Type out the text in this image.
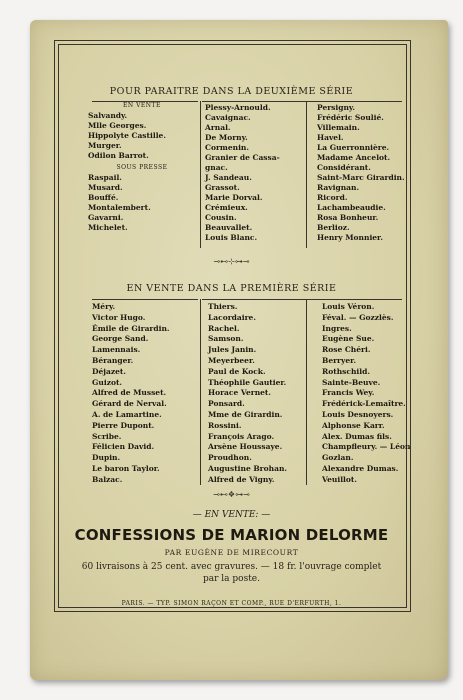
POUR PARAITRE DANS LA DEUXIÈME SÉRIE
EN VENTE
Salvandy.
Mlle Georges.
Hippolyte Castille.
Murger.
Odilon Barrot.
SOUS PRESSE
Raspail.
Musard.
Bouffé.
Montalembert.
Gavarni.
Michelet.
Plessy-Arnould.
Cavaignac.
Arnal.
De Morny.
Cormenin.
Granier de Cassa-
gnac.
J. Sandeau.
Grassot.
Marie Dorval.
Crémieux.
Cousin.
Beauvallet.
Louis Blanc.
Persigny.
Frédéric Soulié.
Villemain.
Havel.
La Guerronnière.
Madame Ancelot.
Considérant.
Saint-Marc Girardin.
Ravignan.
Ricord.
Lachambeaudie.
Rosa Bonheur.
Berlioz.
Henry Monnier.
⊸⊷⊹⊶⊸
EN VENTE DANS LA PREMIÈRE SÉRIE
Méry.
Victor Hugo.
Émile de Girardin.
George Sand.
Lamennais.
Béranger.
Déjazet.
Guizot.
Alfred de Musset.
Gérard de Nerval.
A. de Lamartine.
Pierre Dupont.
Scribe.
Félicien David.
Dupin.
Le baron Taylor.
Balzac.
Thiers.
Lacordaire.
Rachel.
Samson.
Jules Janin.
Meyerbeer.
Paul de Kock.
Théophile Gautier.
Horace Vernet.
Ponsard.
Mme de Girardin.
Rossini.
François Arago.
Arsène Houssaye.
Proudhon.
Augustine Brohan.
Alfred de Vigny.
Louis Véron.
Féval. — Gozzlès.
Ingres.
Eugène Sue.
Rose Chéri.
Berryer.
Rothschild.
Sainte-Beuve.
Francis Wey.
Frédérick-Lemaître.
Louis Desnoyers.
Alphonse Karr.
Alex. Dumas fils.
Champfleury. — Léon
Gozlan.
Alexandre Dumas.
Veuillot.
⊸⊷❖⊶⊸
— EN VENTE: —
CONFESSIONS DE MARION DELORME
PAR EUGÈNE DE MIRECOURT
60 livraisons à 25 cent. avec gravures. — 18 fr. l'ouvrage complet
par la poste.
PARIS. — TYP. SIMON RAÇON ET COMP., RUE D'ERFURTH, 1.
